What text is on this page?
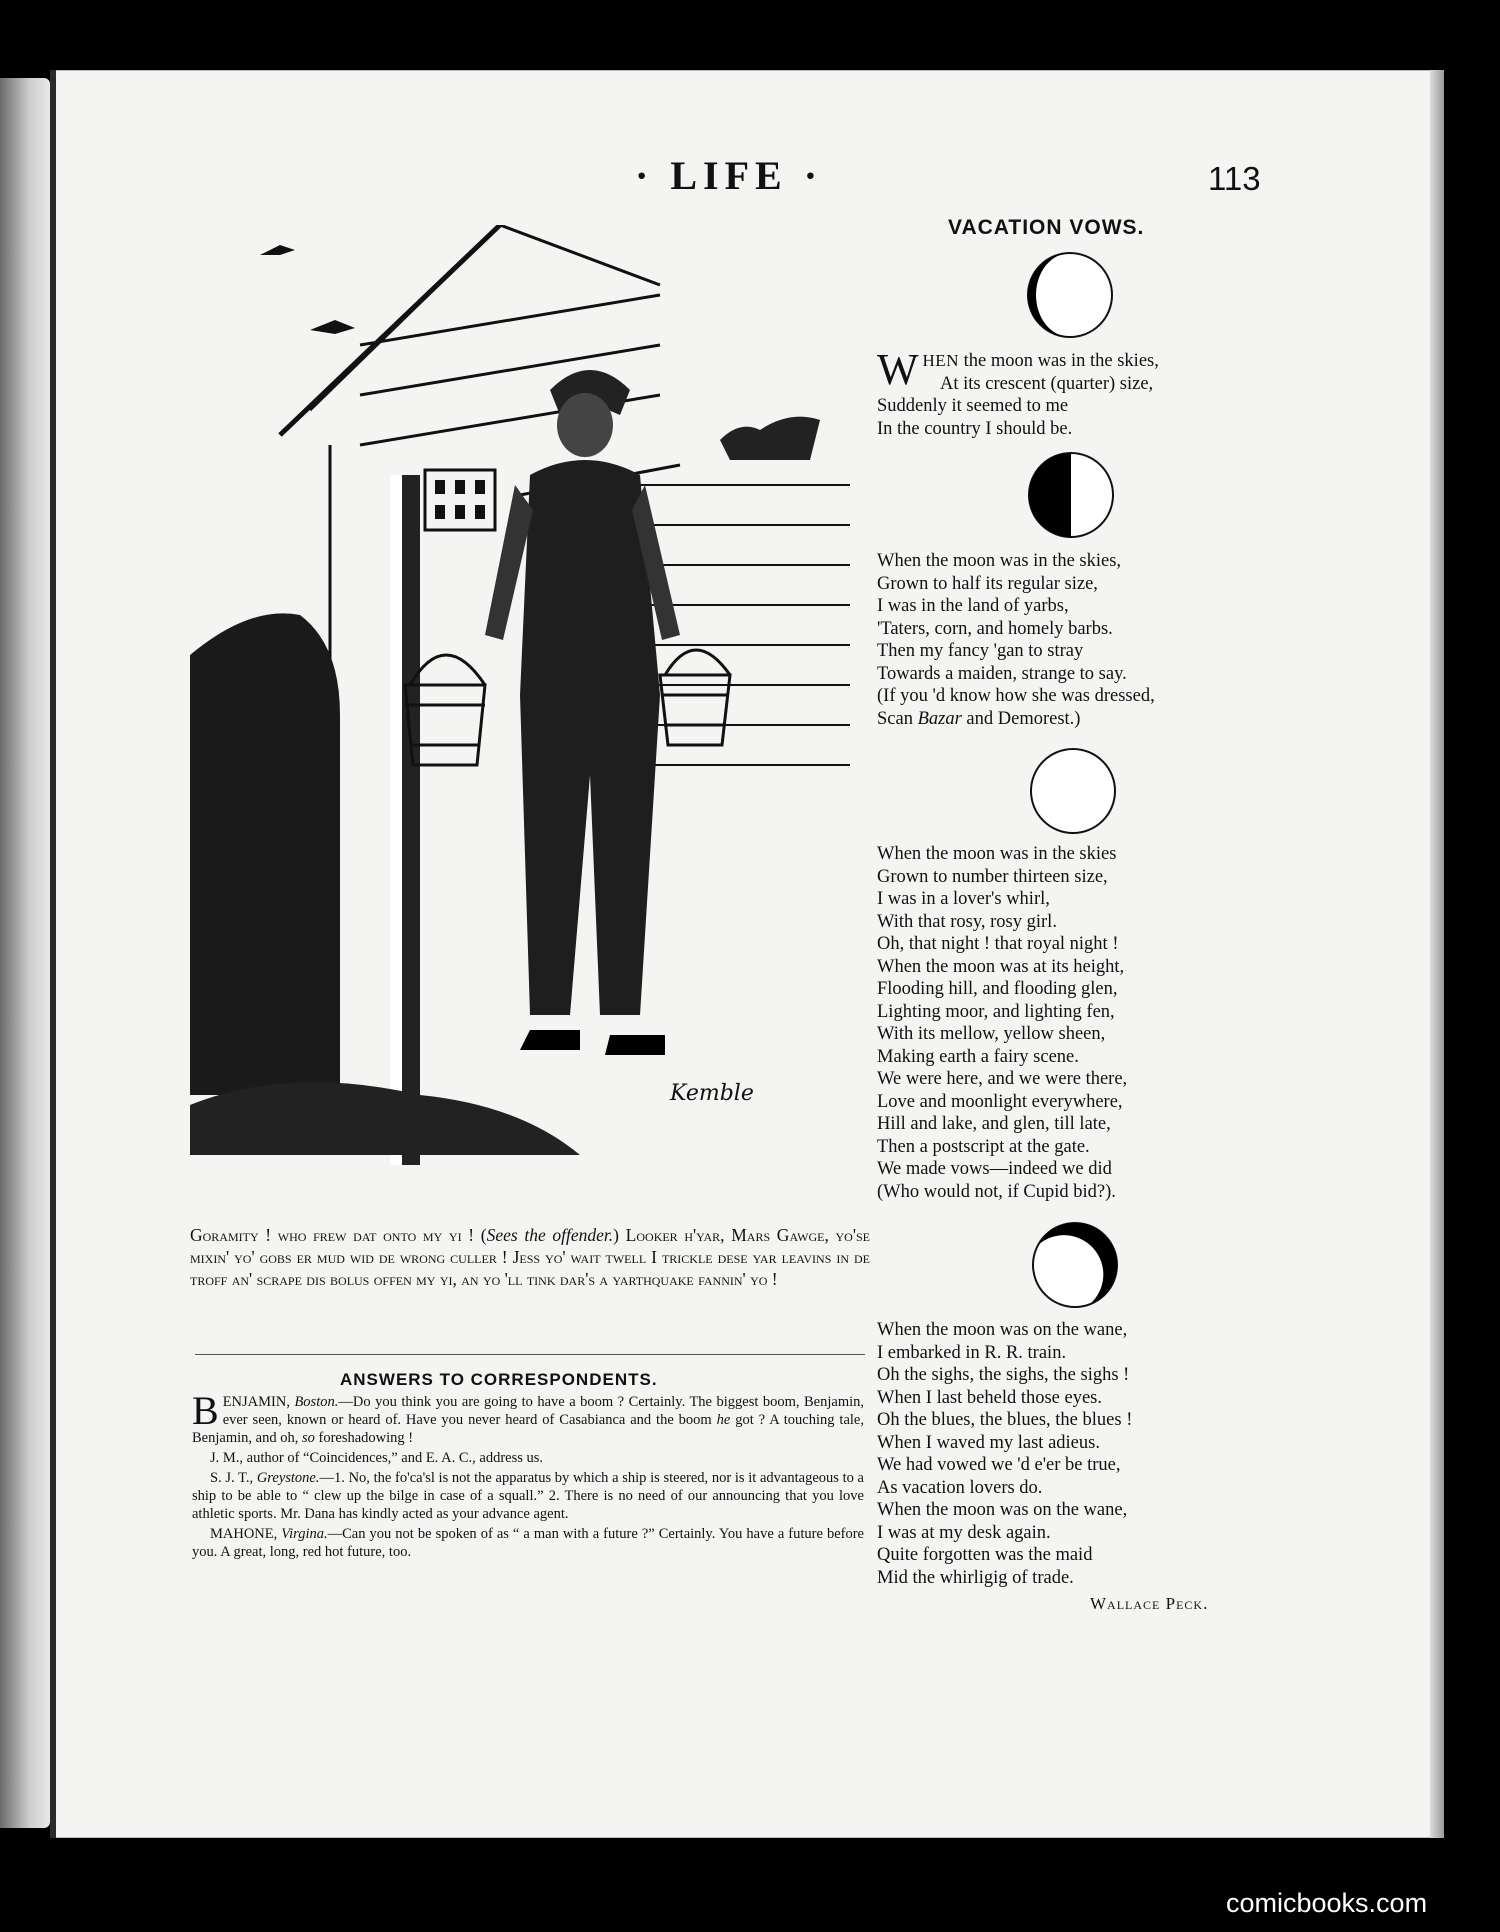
· LIFE ·	113
Kemble
Goramity ! who frew dat onto my yi ! (Sees the offender.) Looker h'yar, Mars Gawge, yo'se mixin' yo' gobs er mud wid de wrong culler ! Jess yo' wait twell I trickle dese yar leavins in de troff an' scrape dis bolus offen my yi, an yo 'll tink dar's a yarthquake fannin' yo !
ANSWERS TO CORRESPONDENTS.

BENJAMIN, Boston.—Do you think you are going to have a boom ? Certainly. The biggest boom, Benjamin, ever seen, known or heard of. Have you never heard of Casabianca and the boom he got ? A touching tale, Benjamin, and oh, so foreshadowing !

J. M., author of “Coincidences,” and E. A. C., address us.

S. J. T., Greystone.—1. No, the fo'ca'sl is not the apparatus by which a ship is steered, nor is it advantageous to a ship to be able to “ clew up the bilge in case of a squall.” 2. There is no need of our announcing that you love athletic sports. Mr. Dana has kindly acted as your advance agent.

MAHONE, Virgina.—Can you not be spoken of as “ a man with a future ?” Certainly. You have a future before you. A great, long, red hot future, too.

VACATION VOWS.
WHEN the moon was in the skies,
At its crescent (quarter) size,
Suddenly it seemed to me
In the country I should be.
When the moon was in the skies,
Grown to half its regular size,
I was in the land of yarbs,
'Taters, corn, and homely barbs.
Then my fancy 'gan to stray
Towards a maiden, strange to say.
(If you 'd know how she was dressed,
Scan Bazar and Demorest.)
When the moon was in the skies
Grown to number thirteen size,
I was in a lover's whirl,
With that rosy, rosy girl.
Oh, that night ! that royal night !
When the moon was at its height,
Flooding hill, and flooding glen,
Lighting moor, and lighting fen,
With its mellow, yellow sheen,
Making earth a fairy scene.
We were here, and we were there,
Love and moonlight everywhere,
Hill and lake, and glen, till late,
Then a postscript at the gate.
We made vows—indeed we did
(Who would not, if Cupid bid?).
When the moon was on the wane,
I embarked in R. R. train.
Oh the sighs, the sighs, the sighs !
When I last beheld those eyes.
Oh the blues, the blues, the blues !
When I waved my last adieus.
We had vowed we 'd e'er be true,
As vacation lovers do.
When the moon was on the wane,
I was at my desk again.
Quite forgotten was the maid
Mid the whirligig of trade.
Wallace Peck.
comicbooks.com
